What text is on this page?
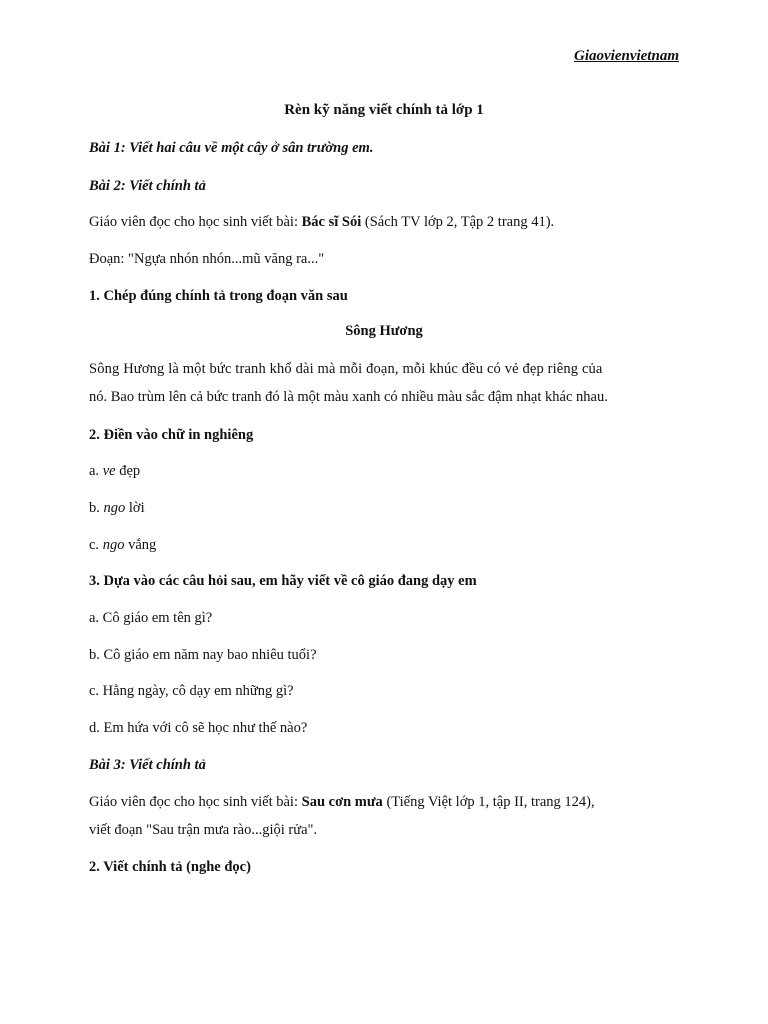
Giaovienvietnam
Rèn kỹ năng viết chính tả lớp 1
Bài 1: Viết hai câu về một cây ở sân trường em.
Bài 2: Viết chính tả
Giáo viên đọc cho học sinh viết bài: Bác sĩ Sói (Sách TV lớp 2, Tập 2 trang 41).
Đoạn: "Ngựa nhón nhón...mũ văng ra..."
1. Chép đúng chính tả trong đoạn văn sau
Sông Hương
Sông Hương là một bức tranh khổ dài mà mỗi đoạn, mỗi khúc đều có vẻ đẹp riêng của
nó. Bao trùm lên cả bức tranh đó là một màu xanh có nhiều màu sắc đậm nhạt khác nhau.
2. Điền vào chữ in nghiêng
a. ve đẹp
b. ngo lời
c. ngo vắng
3. Dựa vào các câu hỏi sau, em hãy viết về cô giáo đang dạy em
a. Cô giáo em tên gì?
b. Cô giáo em năm nay bao nhiêu tuổi?
c. Hằng ngày, cô dạy em những gì?
d. Em hứa với cô sẽ học như thế nào?
Bài 3: Viết chính tả
Giáo viên đọc cho học sinh viết bài: Sau cơn mưa (Tiếng Việt lớp 1, tập II, trang 124),
viết đoạn "Sau trận mưa rào...giội rửa".
2. Viết chính tả (nghe đọc)
